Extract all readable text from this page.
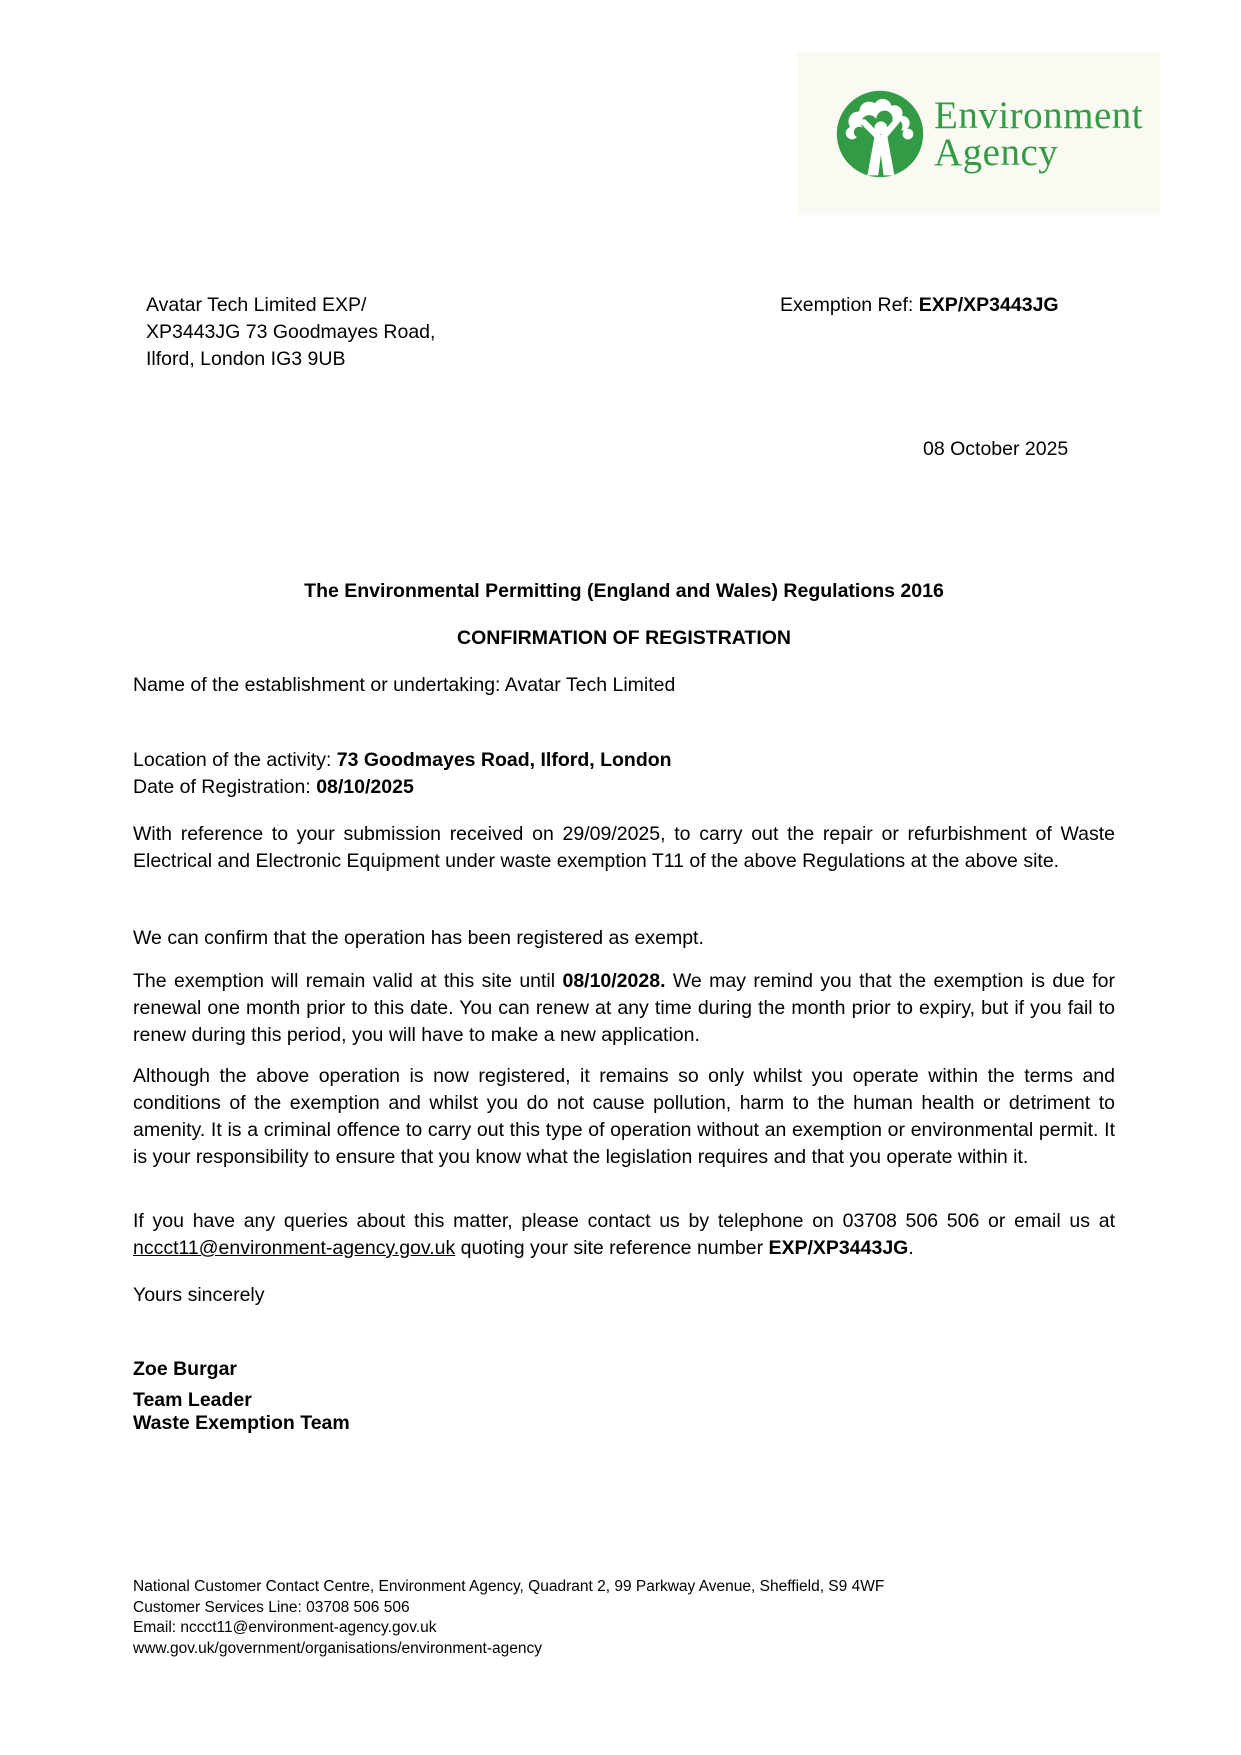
Environment
Agency
Avatar Tech Limited EXP/
XP3443JG 73 Goodmayes Road,
Ilford, London IG3 9UB
Exemption Ref: EXP/XP3443JG
08 October 2025
The Environmental Permitting (England and Wales) Regulations 2016
CONFIRMATION OF REGISTRATION
Name of the establishment or undertaking: Avatar Tech Limited
Location of the activity: 73 Goodmayes Road, Ilford, London
Date of Registration: 08/10/2025
With reference to your submission received on 29/09/2025, to carry out the repair or refurbishment of Waste Electrical and Electronic Equipment under waste exemption T11 of the above Regulations at the above site.
We can confirm that the operation has been registered as exempt.
The exemption will remain valid at this site until 08/10/2028. We may remind you that the exemption is due for renewal one month prior to this date. You can renew at any time during the month prior to expiry, but if you fail to renew during this period, you will have to make a new application.
Although the above operation is now registered, it remains so only whilst you operate within the terms and conditions of the exemption and whilst you do not cause pollution, harm to the human health or detriment to amenity. It is a criminal offence to carry out this type of operation without an exemption or environmental permit. It is your responsibility to ensure that you know what the legislation requires and that you operate within it.
If you have any queries about this matter, please contact us by telephone on 03708 506 506 or email us at nccct11@environment-agency.gov.uk quoting your site reference number EXP/XP3443JG.
Yours sincerely
Zoe Burgar
Team Leader
Waste Exemption Team
National Customer Contact Centre, Environment Agency, Quadrant 2, 99 Parkway Avenue, Sheffield, S9 4WF
Customer Services Line: 03708 506 506
Email: nccct11@environment-agency.gov.uk
www.gov.uk/government/organisations/environment-agency
